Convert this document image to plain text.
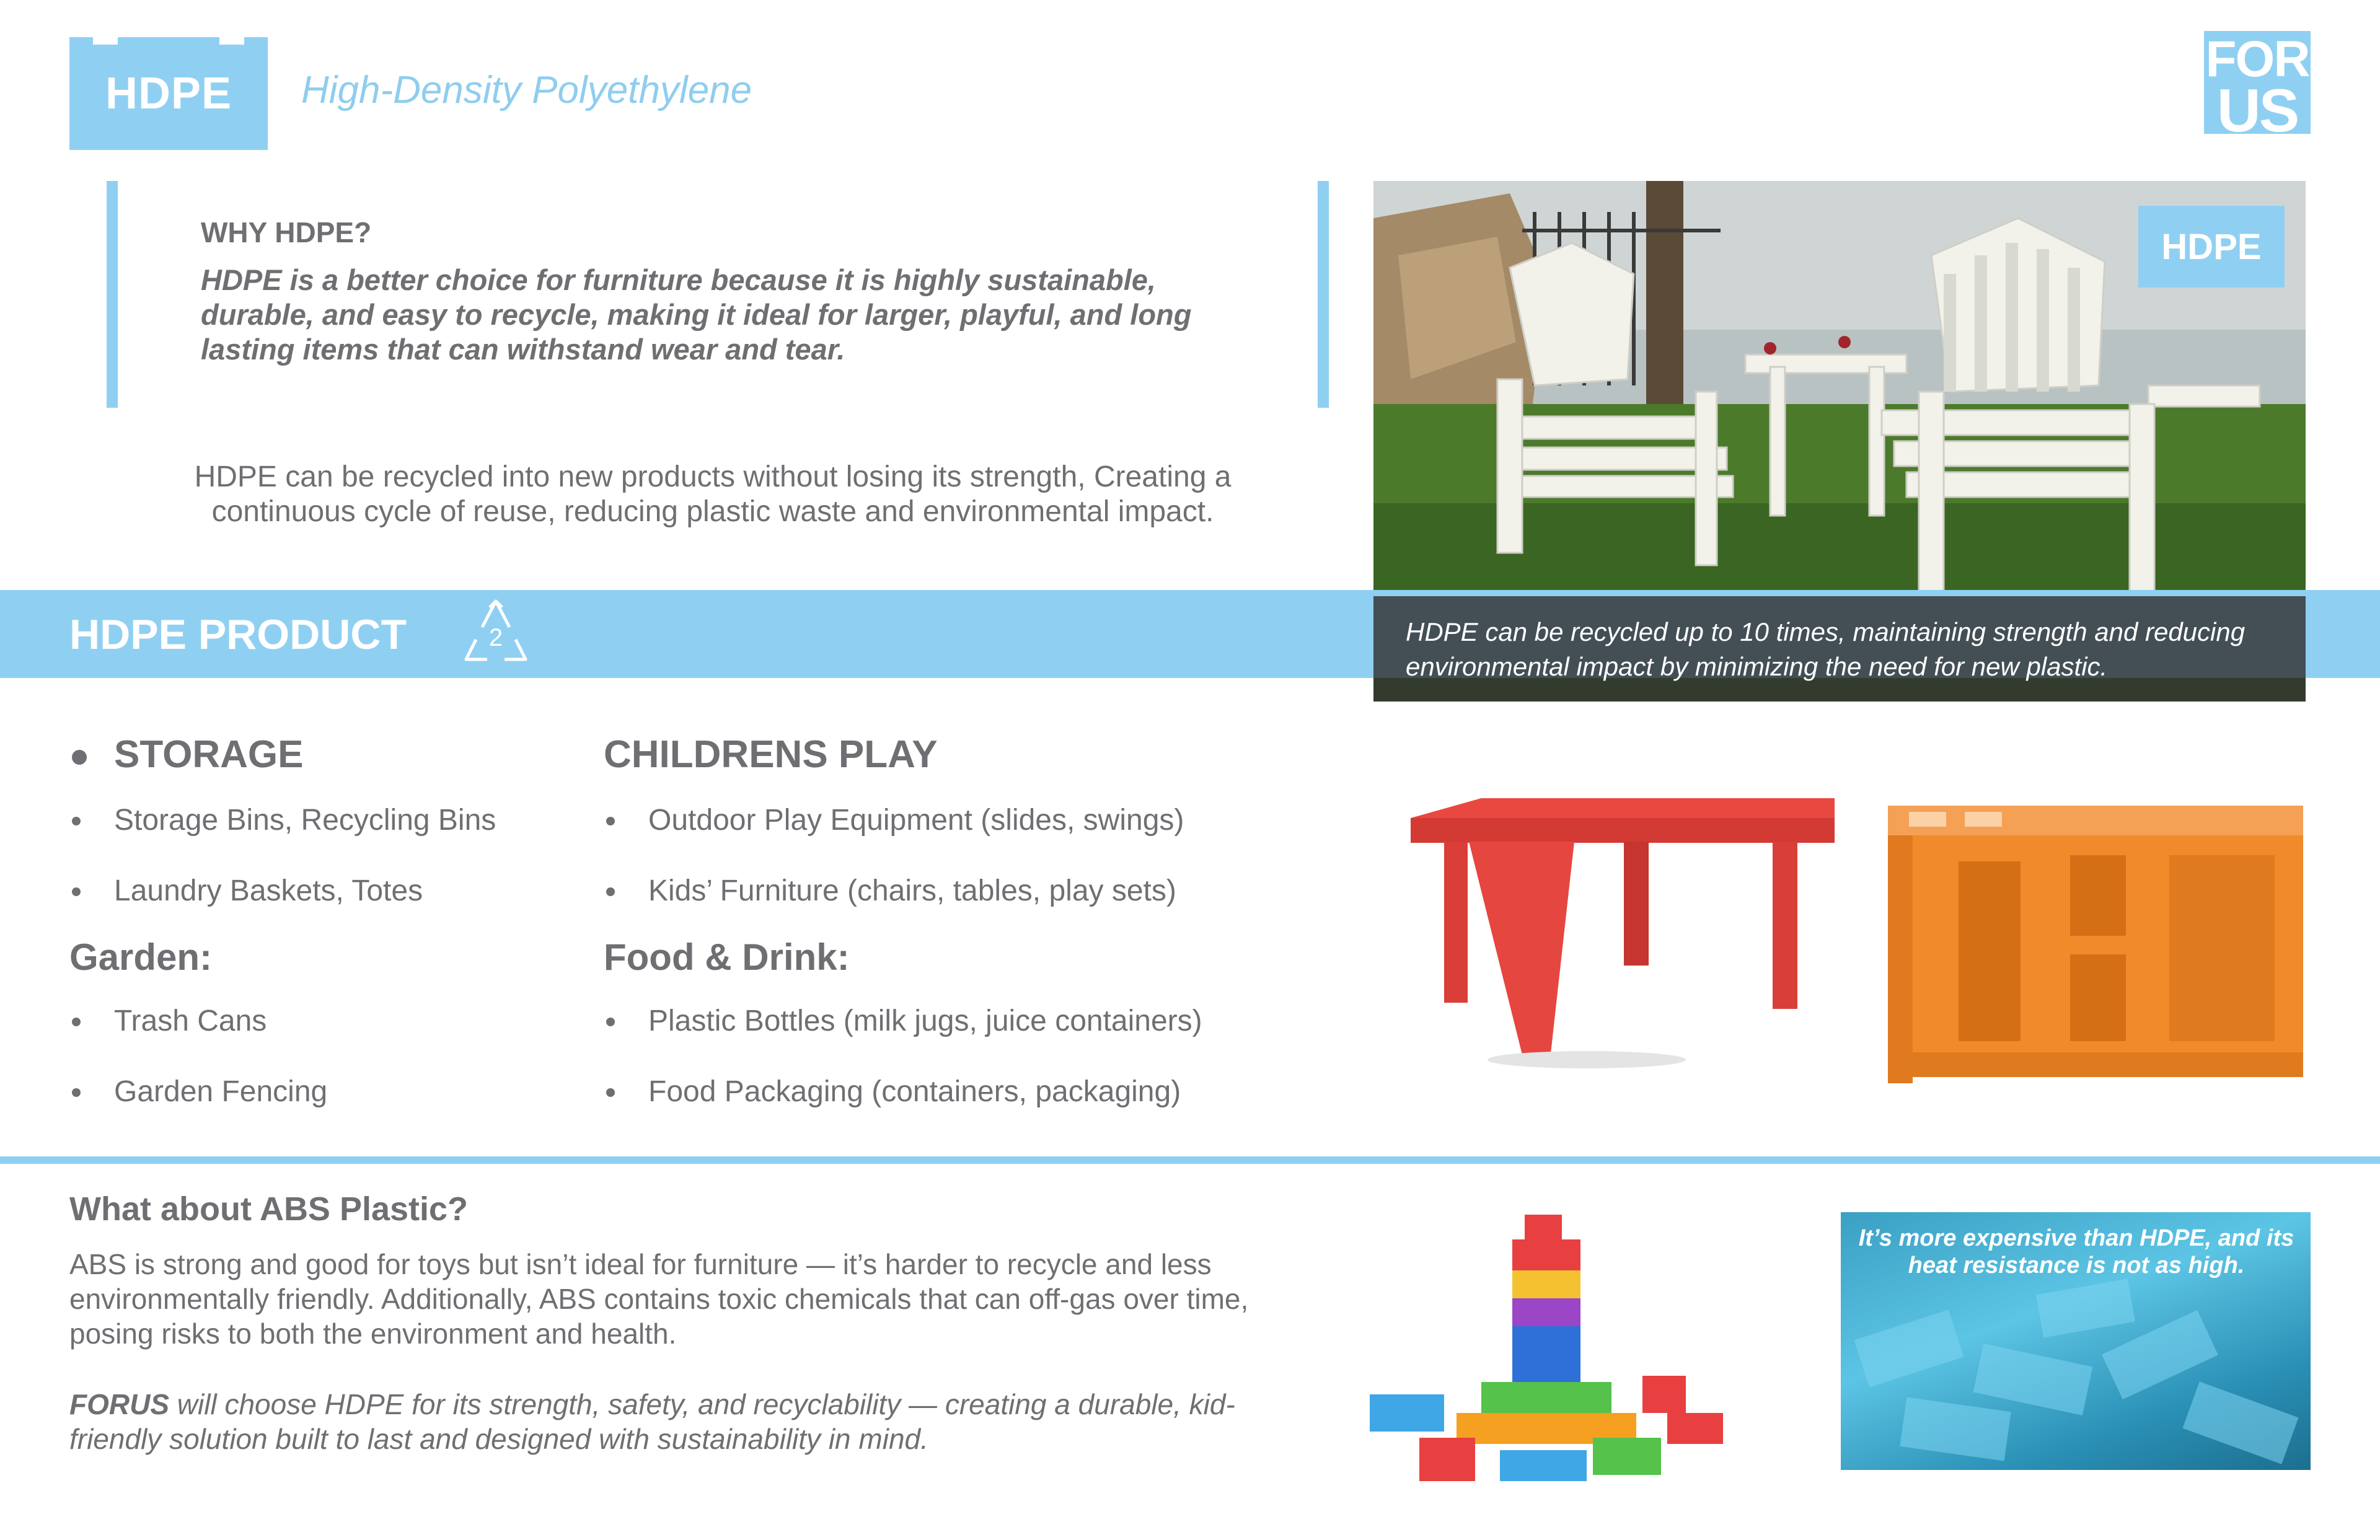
HDPE High-Density Polyethylene
FOR
US
WHY HDPE?
HDPE is a better choice for furniture because it is highly sustainable, durable, and easy to recycle, making it ideal for larger, playful, and long lasting items that can withstand wear and tear.
HDPE can be recycled into new products without losing its strength, Creating a continuous cycle of reuse, reducing plastic waste and environmental impact.
HDPE
HDPE PRODUCT	2	HDPE can be recycled up to 10 times, maintaining strength and reducing environmental impact by minimizing the need for new plastic.
STORAGE
Storage Bins, Recycling Bins
Laundry Baskets, Totes
Garden:
Trash Cans
Garden Fencing
CHILDRENS PLAY
Outdoor Play Equipment (slides, swings)
Kids’ Furniture (chairs, tables, play sets)
Food & Drink:
Plastic Bottles (milk jugs, juice containers)
Food Packaging (containers, packaging)
What about ABS Plastic?
ABS is strong and good for toys but isn’t ideal for furniture — it’s harder to recycle and less environmentally friendly. Additionally, ABS contains toxic chemicals that can off-gas over time, posing risks to both the environment and health.
FORUS will choose HDPE for its strength, safety, and recyclability — creating a durable, kid-friendly solution built to last and designed with sustainability in mind.
It’s more expensive than HDPE, and its heat resistance is not as high.
